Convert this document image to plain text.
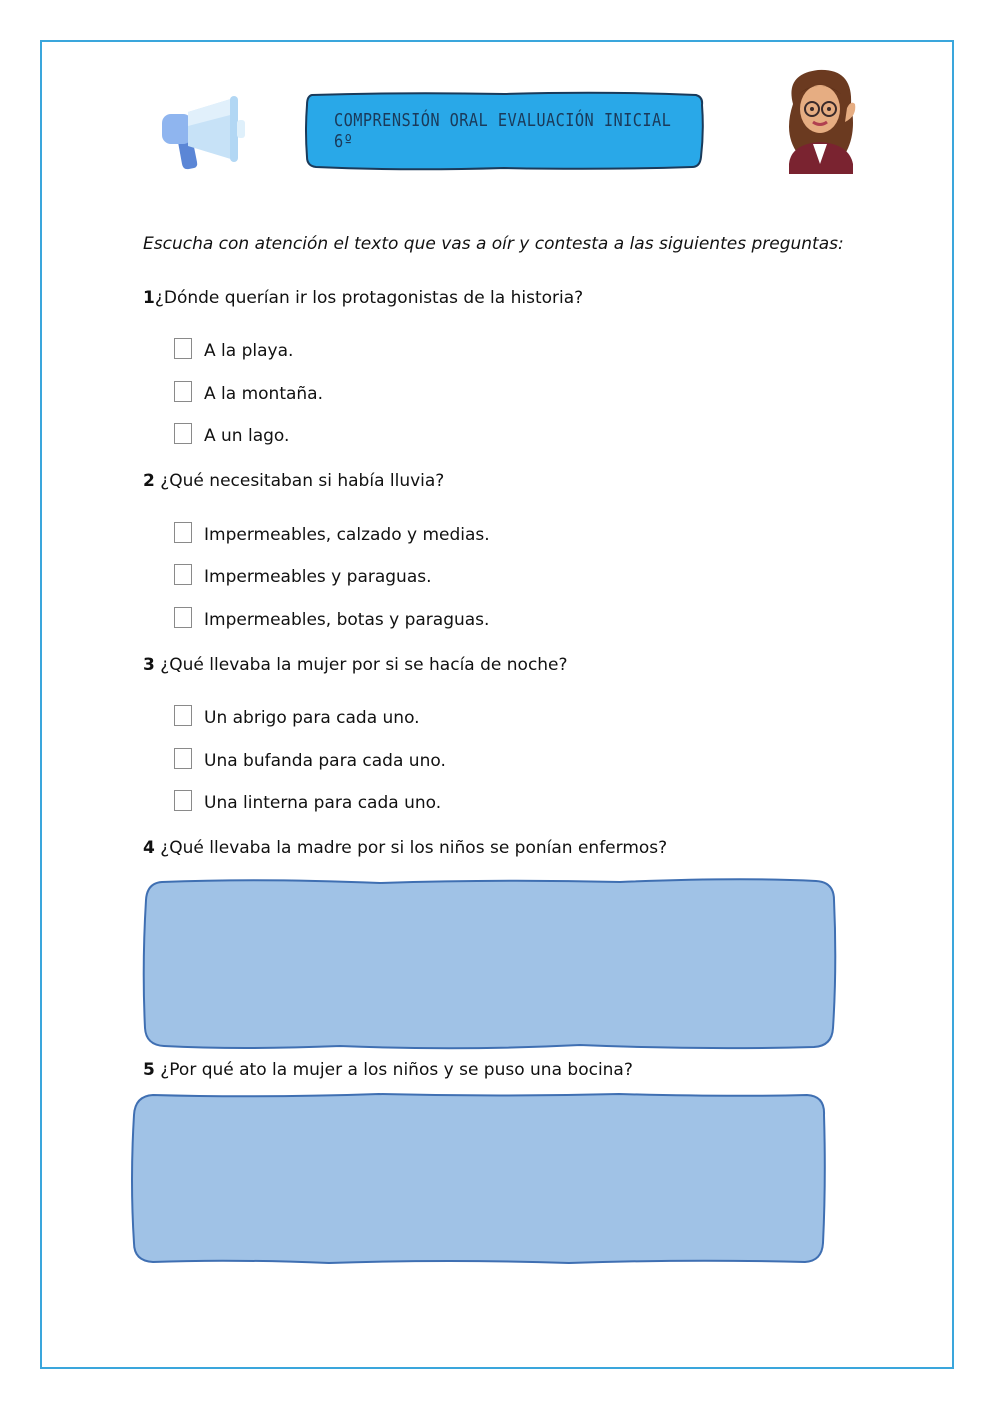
COMPRENSIÓN ORAL EVALUACIÓN INICIAL 6º
Escucha con atención el texto que vas a oír y contesta a las siguientes preguntas:
1¿Dónde querían ir los protagonistas de la historia?
A la playa.
A la montaña.
A un lago.
2 ¿Qué necesitaban si había lluvia?
Impermeables, calzado y medias.
Impermeables y paraguas.
Impermeables, botas y paraguas.
3 ¿Qué llevaba la mujer por si se hacía de noche?
Un abrigo para cada uno.
Una bufanda para cada uno.
Una linterna para cada uno.
4 ¿Qué llevaba la madre por si los niños se ponían enfermos?
5 ¿Por qué ato la mujer a los niños y se puso una bocina?
